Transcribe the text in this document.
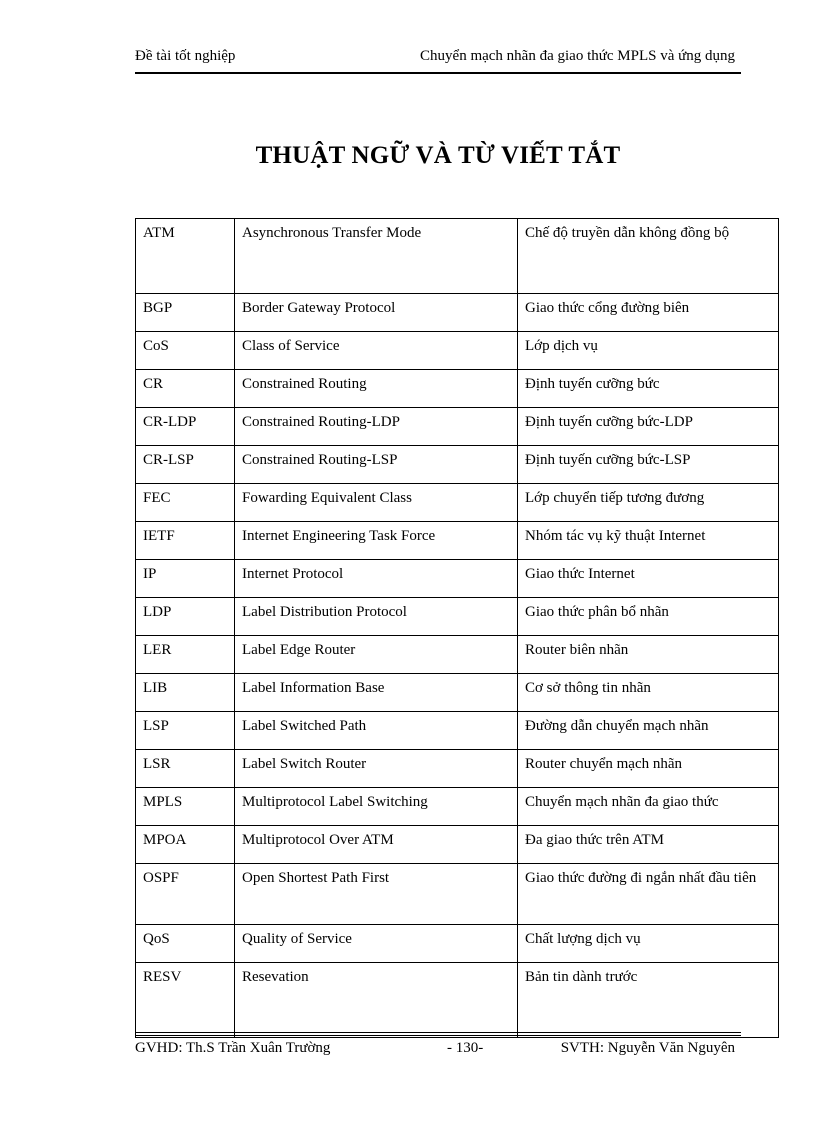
Đề tài tốt nghiệp	Chuyển mạch nhãn đa giao thức MPLS và ứng dụng
THUẬT NGỮ VÀ TỪ VIẾT TẮT
ATM	Asynchronous Transfer Mode	Chế độ truyền dẫn không đồng bộ
BGP	Border Gateway Protocol	Giao thức cổng đường biên
CoS	Class of Service	Lớp dịch vụ
CR	Constrained Routing	Định tuyến cưỡng bức
CR-LDP	Constrained Routing-LDP	Định tuyến cưỡng bức-LDP
CR-LSP	Constrained Routing-LSP	Định tuyến cưỡng bức-LSP
FEC	Fowarding Equivalent Class	Lớp chuyển tiếp tương đương
IETF	Internet Engineering Task Force	Nhóm tác vụ kỹ thuật Internet
IP	Internet Protocol	Giao thức Internet
LDP	Label Distribution Protocol	Giao thức phân bổ nhãn
LER	Label Edge Router	Router biên nhãn
LIB	Label Information Base	Cơ sở thông tin nhãn
LSP	Label Switched Path	Đường dẫn chuyển mạch nhãn
LSR	Label Switch Router	Router chuyển mạch nhãn
MPLS	Multiprotocol Label Switching	Chuyển mạch nhãn đa giao thức
MPOA	Multiprotocol Over ATM	Đa giao thức trên ATM
OSPF	Open Shortest Path First	Giao thức đường đi ngắn nhất đầu tiên
QoS	Quality of Service	Chất lượng dịch vụ
RESV	Resevation	Bản tin dành trước
GVHD: Th.S Trần Xuân Trường	- 130-	SVTH: Nguyễn Văn Nguyên
